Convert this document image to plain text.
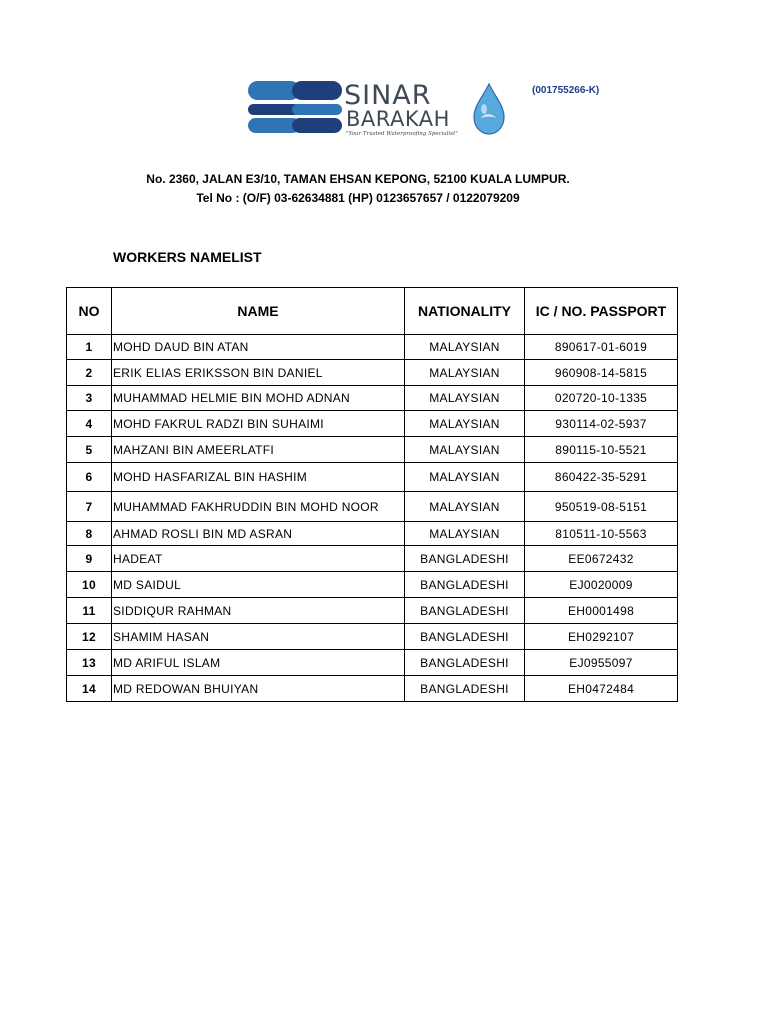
SINAR
BARAKAH
"Your Trusted Waterproofing Specialist"
(001755266-K)
No. 2360, JALAN E3/10, TAMAN EHSAN KEPONG, 52100 KUALA LUMPUR.
Tel No : (O/F) 03-62634881 (HP) 0123657657 / 0122079209
WORKERS NAMELIST
NO	NAME	NATIONALITY	IC / NO. PASSPORT
1	MOHD DAUD BIN ATAN	MALAYSIAN	890617-01-6019
2	ERIK ELIAS ERIKSSON BIN DANIEL	MALAYSIAN	960908-14-5815
3	MUHAMMAD HELMIE BIN MOHD ADNAN	MALAYSIAN	020720-10-1335
4	MOHD FAKRUL RADZI BIN SUHAIMI	MALAYSIAN	930114-02-5937
5	MAHZANI BIN AMEERLATFI	MALAYSIAN	890115-10-5521
6	MOHD HASFARIZAL BIN HASHIM	MALAYSIAN	860422-35-5291
7	MUHAMMAD FAKHRUDDIN BIN MOHD NOOR	MALAYSIAN	950519-08-5151
8	AHMAD ROSLI BIN MD ASRAN	MALAYSIAN	810511-10-5563
9	HADEAT	BANGLADESHI	EE0672432
10	MD SAIDUL	BANGLADESHI	EJ0020009
11	SIDDIQUR RAHMAN	BANGLADESHI	EH0001498
12	SHAMIM HASAN	BANGLADESHI	EH0292107
13	MD ARIFUL ISLAM	BANGLADESHI	EJ0955097
14	MD REDOWAN BHUIYAN	BANGLADESHI	EH0472484
